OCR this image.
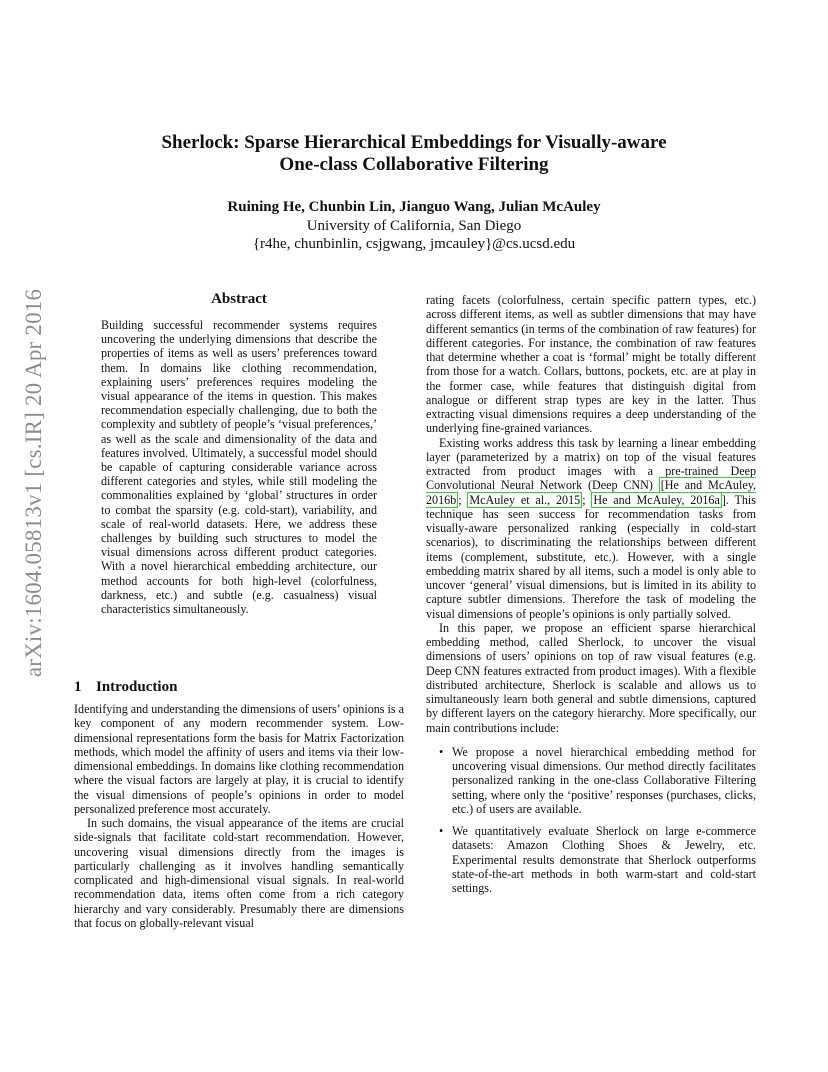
arXiv:1604.05813v1 [cs.IR] 20 Apr 2016
Sherlock: Sparse Hierarchical Embeddings for Visually-aware
One-class Collaborative Filtering
Ruining He, Chunbin Lin, Jianguo Wang, Julian McAuley
University of California, San Diego
{r4he, chunbinlin, csjgwang, jmcauley}@cs.ucsd.edu
Abstract
Building successful recommender systems requires uncovering the underlying dimensions that describe the properties of items as well as users’ preferences toward them. In domains like clothing recommendation, explaining users’ preferences requires modeling the visual appearance of the items in question. This makes recommendation especially challenging, due to both the complexity and subtlety of people’s ‘visual preferences,’ as well as the scale and dimensionality of the data and features involved. Ultimately, a successful model should be capable of capturing considerable variance across different categories and styles, while still modeling the commonalities explained by ‘global’ structures in order to combat the sparsity (e.g. cold-start), variability, and scale of real-world datasets. Here, we address these challenges by building such structures to model the visual dimensions across different product categories. With a novel hierarchical embedding architecture, our method accounts for both high-level (colorfulness, darkness, etc.) and subtle (e.g. casualness) visual characteristics simultaneously.
1 Introduction

Identifying and understanding the dimensions of users’ opinions is a key component of any modern recommender system. Low-dimensional representations form the basis for Matrix Factorization methods, which model the affinity of users and items via their low-dimensional embeddings. In domains like clothing recommendation where the visual factors are largely at play, it is crucial to identify the visual dimensions of people’s opinions in order to model personalized preference most accurately.

In such domains, the visual appearance of the items are crucial side-signals that facilitate cold-start recommendation. However, uncovering visual dimensions directly from the images is particularly challenging as it involves handling semantically complicated and high-dimensional visual signals. In real-world recommendation data, items often come from a rich category hierarchy and vary considerably. Presumably there are dimensions that focus on globally-relevant visual

rating facets (colorfulness, certain specific pattern types, etc.) across different items, as well as subtler dimensions that may have different semantics (in terms of the combination of raw features) for different categories. For instance, the combination of raw features that determine whether a coat is ‘formal’ might be totally different from those for a watch. Collars, buttons, pockets, etc. are at play in the former case, while features that distinguish digital from analogue or different strap types are key in the latter. Thus extracting visual dimensions requires a deep understanding of the underlying fine-grained variances.

Existing works address this task by learning a linear embedding layer (parameterized by a matrix) on top of the visual features extracted from product images with a pre-trained Deep Convolutional Neural Network (Deep CNN) [He and McAuley, 2016b ; McAuley et al., 2015 ; He and McAuley, 2016a ]. This technique has seen success for recommendation tasks from visually-aware personalized ranking (especially in cold-start scenarios), to discriminating the relationships between different items (complement, substitute, etc.). However, with a single embedding matrix shared by all items, such a model is only able to uncover ‘general’ visual dimensions, but is limited in its ability to capture subtler dimensions. Therefore the task of modeling the visual dimensions of people’s opinions is only partially solved.

In this paper, we propose an efficient sparse hierarchical embedding method, called Sherlock, to uncover the visual dimensions of users’ opinions on top of raw visual features (e.g. Deep CNN features extracted from product images). With a flexible distributed architecture, Sherlock is scalable and allows us to simultaneously learn both general and subtle dimensions, captured by different layers on the category hierarchy. More specifically, our main contributions include:

• We propose a novel hierarchical embedding method for uncovering visual dimensions. Our method directly facilitates personalized ranking in the one-class Collaborative Filtering setting, where only the ‘positive’ responses (purchases, clicks, etc.) of users are available.
• We quantitatively evaluate Sherlock on large e-commerce datasets: Amazon Clothing Shoes & Jewelry, etc. Experimental results demonstrate that Sherlock outperforms state-of-the-art methods in both warm-start and cold-start settings.
